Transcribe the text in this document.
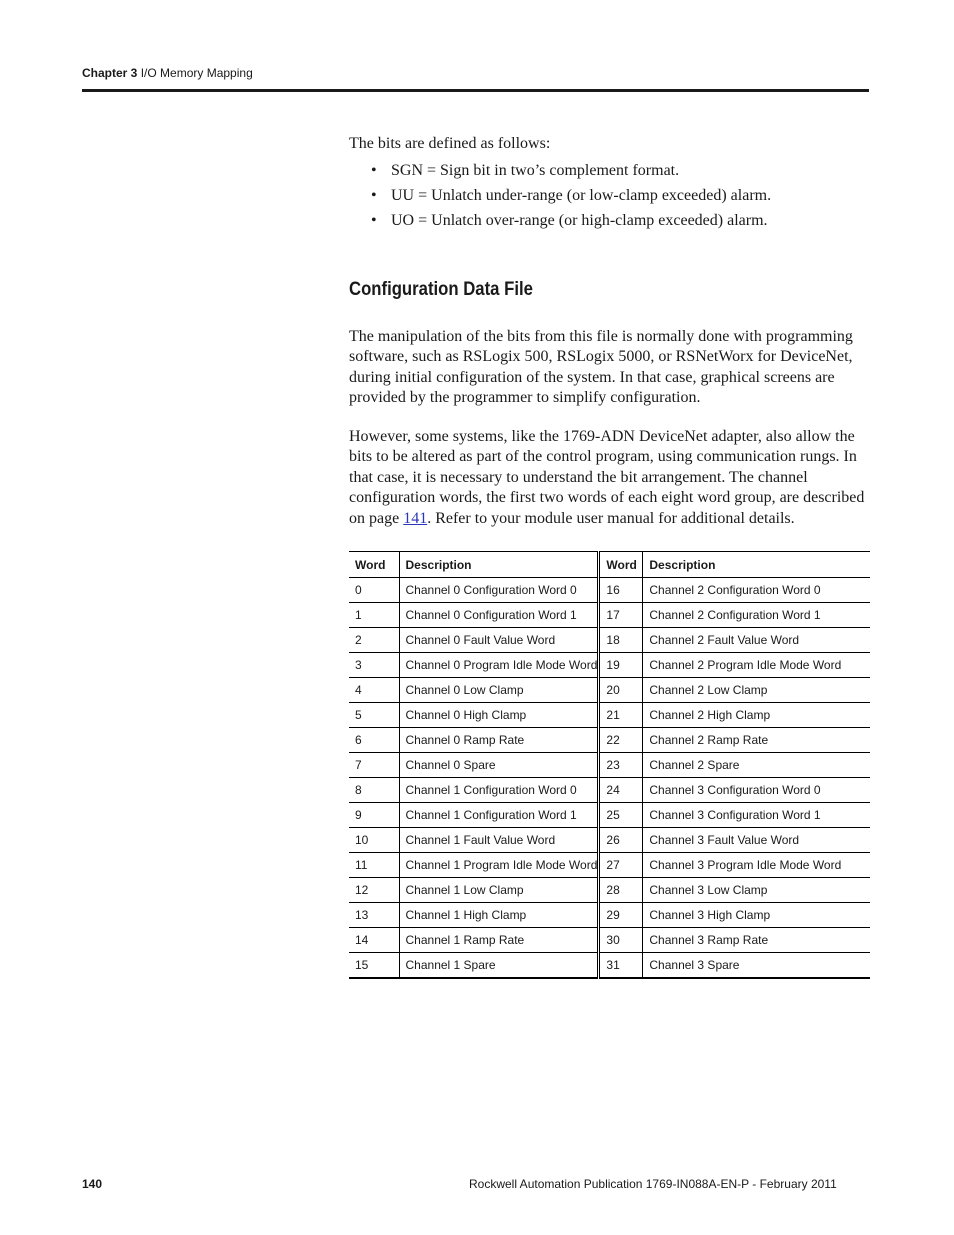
Chapter 3 I/O Memory Mapping

The bits are defined as follows:

• SGN = Sign bit in two’s complement format.
• UU = Unlatch under-range (or low-clamp exceeded) alarm.
• UO = Unlatch over-range (or high-clamp exceeded) alarm.
Configuration Data File

The manipulation of the bits from this file is normally done with programming software, such as RSLogix 500, RSLogix 5000, or RSNetWorx for DeviceNet, during initial configuration of the system. In that case, graphical screens are provided by the programmer to simplify configuration.

However, some systems, like the 1769-ADN DeviceNet adapter, also allow the bits to be altered as part of the control program, using communication rungs. In that case, it is necessary to understand the bit arrangement. The channel configuration words, the first two words of each eight word group, are described on page 141. Refer to your module user manual for additional details.

Word	Description	Word	Description
0	Channel 0 Configuration Word 0	16	Channel 2 Configuration Word 0
1	Channel 0 Configuration Word 1	17	Channel 2 Configuration Word 1
2	Channel 0 Fault Value Word	18	Channel 2 Fault Value Word
3	Channel 0 Program Idle Mode Word	19	Channel 2 Program Idle Mode Word
4	Channel 0 Low Clamp	20	Channel 2 Low Clamp
5	Channel 0 High Clamp	21	Channel 2 High Clamp
6	Channel 0 Ramp Rate	22	Channel 2 Ramp Rate
7	Channel 0 Spare	23	Channel 2 Spare
8	Channel 1 Configuration Word 0	24	Channel 3 Configuration Word 0
9	Channel 1 Configuration Word 1	25	Channel 3 Configuration Word 1
10	Channel 1 Fault Value Word	26	Channel 3 Fault Value Word
11	Channel 1 Program Idle Mode Word	27	Channel 3 Program Idle Mode Word
12	Channel 1 Low Clamp	28	Channel 3 Low Clamp
13	Channel 1 High Clamp	29	Channel 3 High Clamp
14	Channel 1 Ramp Rate	30	Channel 3 Ramp Rate
15	Channel 1 Spare	31	Channel 3 Spare
140	Rockwell Automation Publication 1769-IN088A-EN-P - February 2011
